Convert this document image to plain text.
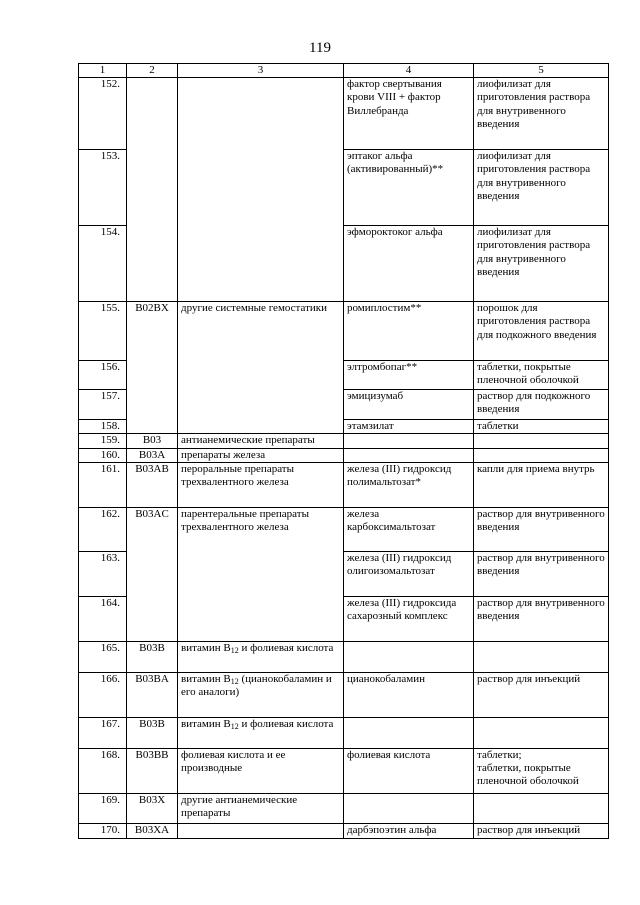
119
1	2	3	4	5
152.			фактор свертывания крови VIII + фактор Виллебранда	лиофилизат для приготовления раствора для внутривенного введения
153.			эптаког альфа (активированный)**	лиофилизат для приготовления раствора для внутривенного введения
154.			эфмороктоког альфа	лиофилизат для приготовления раствора для внутривенного введения
155.	B02BX	другие системные гемостатики	ромиплостим**	порошок для приготовления раствора для подкожного введения
156.			элтромбопаг**	таблетки, покрытые пленочной оболочкой
157.			эмицизумаб	раствор для подкожного введения
158.			этамзилат	таблетки
159.	B03	антианемические препараты		
160.	B03A	препараты железа		
161.	B03AB	пероральные препараты трехвалентного железа	железа (III) гидроксид полимальтозат*	капли для приема внутрь
162.	B03AC	парентеральные препараты трехвалентного железа	железа карбоксимальтозат	раствор для внутривенного введения
163.			железа (III) гидроксид олигоизомальтозат	раствор для внутривенного введения
164.			железа (III) гидроксида сахарозный комплекс	раствор для внутривенного введения
165.	B03B	витамин $B_{12}$ и фолиевая кислота		
166.	B03BA	витамин $B_{12}$ (цианокобаламин и его аналоги)	цианокобаламин	раствор для инъекций
167.	B03B	витамин $B_{12}$ и фолиевая кислота		
168.	B03BB	фолиевая кислота и ее производные	фолиевая кислота	таблетки;
таблетки, покрытые пленочной оболочкой

169.	B03X	другие антианемические препараты		
170.	B03XA		дарбэпоэтин альфа	раствор для инъекций
